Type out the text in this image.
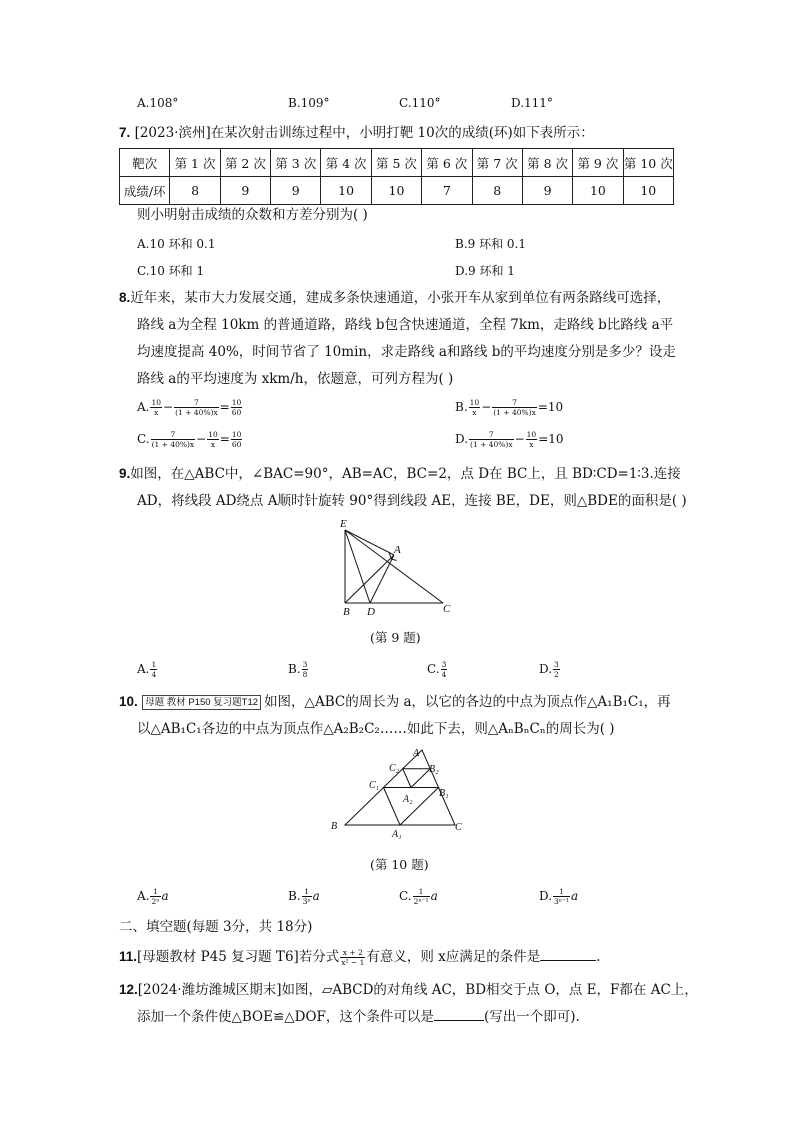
A.108°	B.109°	C.110°	D.111°
7. [2023·滨州]在某次射击训练过程中，小明打靶 10次的成绩(环)如下表所示：
靶次	第 1 次	第 2 次	第 3 次	第 4 次	第 5 次	第 6 次	第 7 次	第 8 次	第 9 次	第 10 次
成绩/环	8	9	9	10	10	7	8	9	10	10
则小明射击成绩的众数和方差分别为( )
A.10 环和 0.1	B.9 环和 0.1
C.10 环和 1	D.9 环和 1
8.近年来，某市大力发展交通，建成多条快速通道，小张开车从家到单位有两条路线可选择，
路线 a为全程 10km 的普通道路，路线 b包含快速通道，全程 7km，走路线 b比路线 a平
均速度提高 40%，时间节省了 10min，求走路线 a和路线 b的平均速度分别是多少？设走
路线 a的平均速度为 xkm/h，依题意，可列方程为( )
A. $\frac{10}{x} - \frac{7}{(1 + 40\%)x} = \frac{10}{60}$	B. $\frac{10}{x} - \frac{7}{(1 + 40\%)x} =10$
C. $\frac{7}{(1 + 40\%)x} - \frac{10}{x} = \frac{10}{60}$	D. $\frac{7}{(1 + 40\%)x} - \frac{10}{x} =10$
9.如图，在△ABC中，∠BAC=90°，AB=AC，BC=2，点 D在 BC上，且 BD∶CD=1∶3.连接
AD，将线段 AD绕点 A顺时针旋转 90°得到线段 AE，连接 BE，DE，则△BDE的面积是( )
E
A
B D	C
(第 9 题)
A. $\frac{1}{4}$	B. $\frac{3}{8}$	C. $\frac{3}{4}$	D. $\frac{3}{2}$
10. 母题 教材 P150 复习题T12 如图，△ABC的周长为 a，以它的各边的中点为顶点作△A₁B₁C₁，再
以△AB₁C₁各边的中点为顶点作△A₂B₂C₂……如此下去，则△AₙBₙCₙ的周长为( )
A
C₂	B₂
C₁
B₁
A₂
B
A₁
C
(第 10 题)
A. $\frac{1}{\text{2ⁿ}}$ a	B. $\frac{1}{\text{3ⁿ}}$ a	C. $\frac{1}{\text{2ⁿ⁻¹}}$ a	D. $\frac{1}{\text{3ⁿ⁻¹}}$ a
二、填空题(每题 3分，共 18分)
11.[母题教材 P45 复习题 T6]若分式 $\frac{x + 2}{\text{x² − 1}}$ 有意义，则 x应满足的条件是	.
12.[2024·潍坊潍城区期末]如图，▱ABCD的对角线 AC，BD相交于点 O，点 E，F都在 AC上，
添加一个条件使△BOE≌△DOF，这个条件可以是	(写出一个即可).
